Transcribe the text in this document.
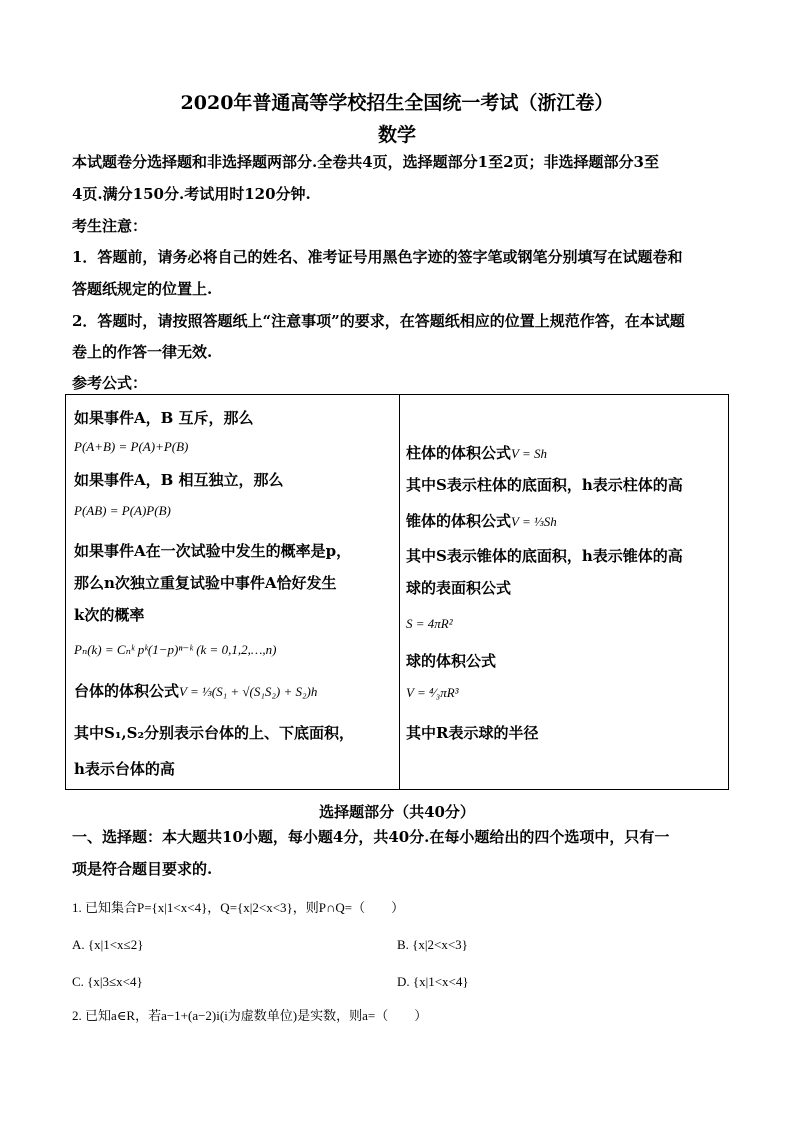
2020年普通高等学校招生全国统一考试（浙江卷）
数学
本试题卷分选择题和非选择题两部分.全卷共4页，选择题部分1至2页；非选择题部分3至
4页.满分150分.考试用时120分钟.
考生注意：
1．答题前，请务必将自己的姓名、准考证号用黑色字迹的签字笔或钢笔分别填写在试题卷和
答题纸规定的位置上.
2．答题时，请按照答题纸上“注意事项”的要求，在答题纸相应的位置上规范作答，在本试题
卷上的作答一律无效.
参考公式：
如果事件A，B 互斥，那么
P(A+B) = P(A)+P(B)
如果事件A，B 相互独立，那么
P(AB) = P(A)P(B)
如果事件A在一次试验中发生的概率是p，
那么n次独立重复试验中事件A恰好发生
k次的概率
Pₙ(k) = Cₙᵏ pᵏ(1−p)ⁿ⁻ᵏ (k = 0,1,2,…,n)
台体的体积公式V = ⅓(S₁ + √(S₁S₂) + S₂)h
其中S₁,S₂分别表示台体的上、下底面积，
h表示台体的高
柱体的体积公式V = Sh
其中S表示柱体的底面积，h表示柱体的高
锥体的体积公式V = ⅓Sh
其中S表示锥体的底面积，h表示锥体的高
球的表面积公式
S = 4πR²
球的体积公式
V = ⁴⁄₃πR³
其中R表示球的半径
选择题部分（共40分）
一、选择题：本大题共10小题，每小题4分，共40分.在每小题给出的四个选项中，只有一
项是符合题目要求的.
1. 已知集合P={x|1<x<4}，Q={x|2<x<3}，则P∩Q=（　　）
A. {x|1<x≤2}	B. {x|2<x<3}
C. {x|3≤x<4}	D. {x|1<x<4}
2. 已知a∈R，若a−1+(a−2)i(i为虚数单位)是实数，则a=（　　）
